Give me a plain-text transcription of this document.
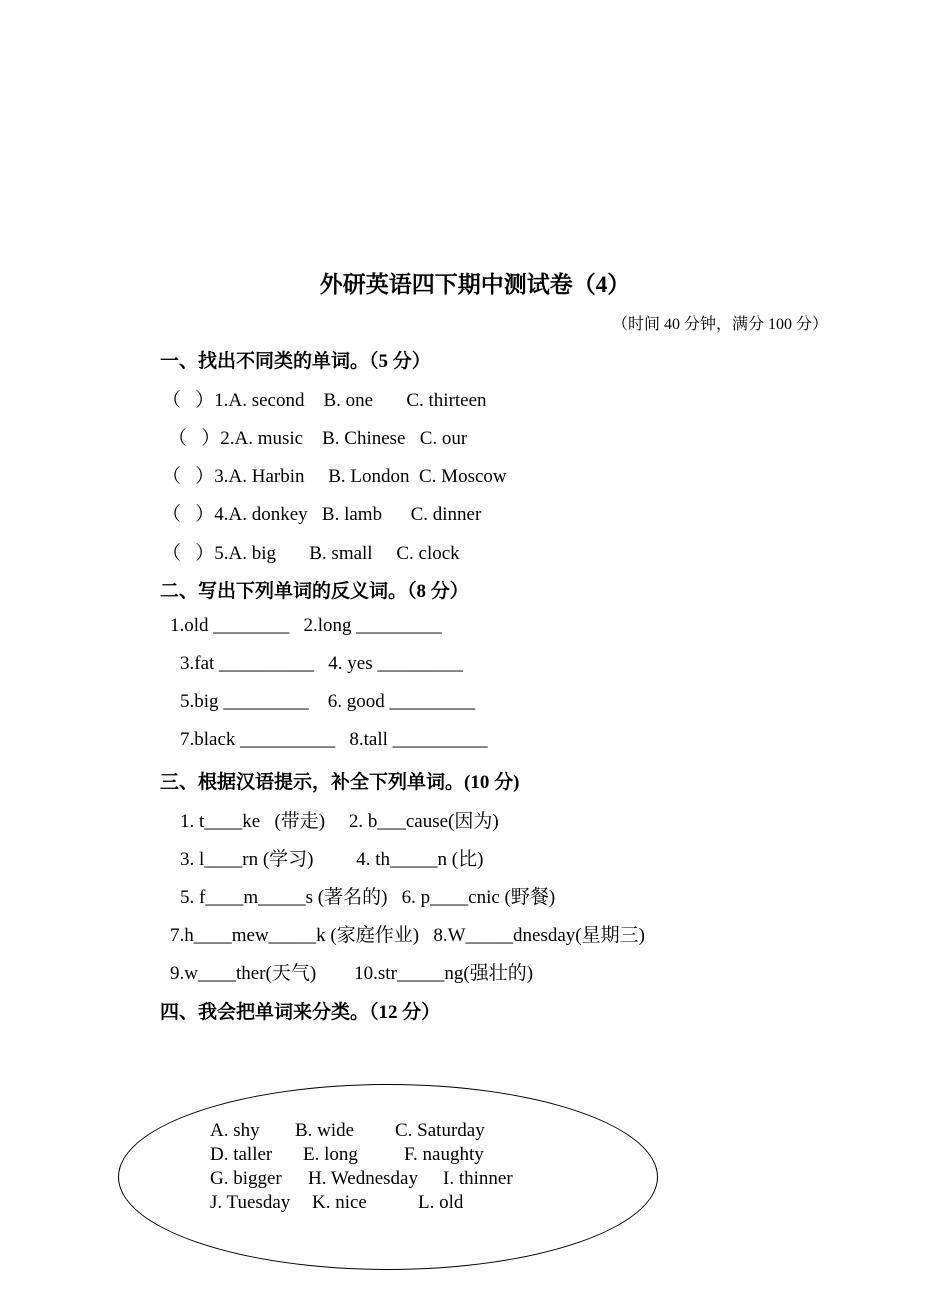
外研英语四下期中测试卷（4）
（时间 40 分钟，满分 100 分）
一、找出不同类的单词。（5 分）
（   ）1.A. second    B. one       C. thirteen
（   ）2.A. music    B. Chinese   C. our
（   ）3.A. Harbin     B. London  C. Moscow
（   ）4.A. donkey   B. lamb      C. dinner
（   ）5.A. big       B. small     C. clock
二、写出下列单词的反义词。（8 分）
1.old ________   2.long _________
3.fat __________   4. yes _________
5.big _________    6. good _________
7.black __________   8.tall __________
三、根据汉语提示，补全下列单词。(10 分)
1. t____ke   (带走)     2. b___cause(因为)
3. l____rn (学习)         4. th_____n (比)
5. f____m_____s (著名的)   6. p____cnic (野餐)
7.h____mew_____k (家庭作业)   8.W_____dnesday(星期三)
9.w____ther(天气)        10.str_____ng(强壮的)
四、我会把单词来分类。（12 分）
A. shy B. wide C. Saturday
D. taller E. long F. naughty
G. bigger H. Wednesday I. thinner
J. Tuesday K. nice	L. old
